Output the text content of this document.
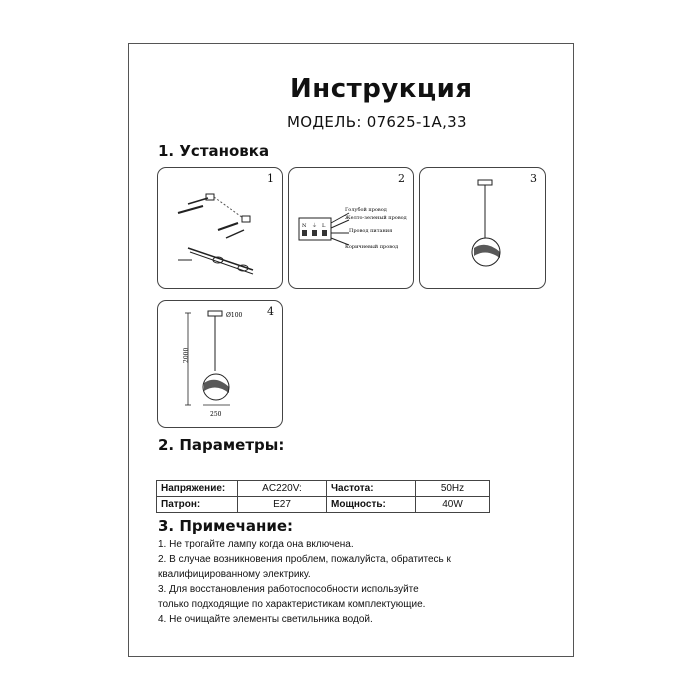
Инструкция
МОДЕЛЬ: 07625-1A,33
1. Установка
1	2
N ⏚ L
Голубой провод
Желто-зеленый провод
Провод питания
Коричневый провод
3
4
Ø100
2000
250
2. Параметры:
Напряжение:	AC220V:	Частота:	50Hz
Патрон:	E27	Мощность:	40W
3. Примечание:

1. Не трогайте лампу когда она включена.

2. В случае возникновения проблем, пожалуйста, обратитесь к

квалифицированному электрику.

3. Для восстановления работоспособности используйте

только подходящие по характеристикам комплектующие.

4. Не очищайте элементы светильника водой.
